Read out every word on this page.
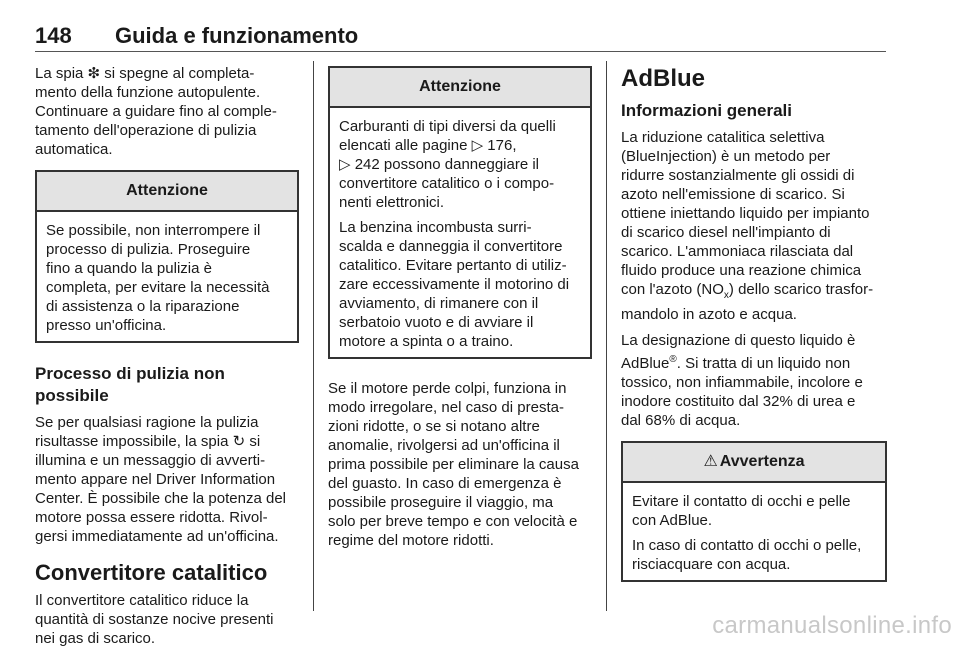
148 Guida e funzionamento

La spia ❇ si spegne al completa-
mento della funzione autopulente.
Continuare a guidare fino al comple-
tamento dell'operazione di pulizia
automatica.

Attenzione

Se possibile, non interrompere il
processo di pulizia. Proseguire
fino a quando la pulizia è
completa, per evitare la necessità
di assistenza o la riparazione
presso un'officina.

Processo di pulizia non possibile

Se per qualsiasi ragione la pulizia
risultasse impossibile, la spia ↻ si
illumina e un messaggio di avverti-
mento appare nel Driver Information
Center. È possibile che la potenza del
motore possa essere ridotta. Rivol-
gersi immediatamente ad un'officina.

Convertitore catalitico

Il convertitore catalitico riduce la
quantità di sostanze nocive presenti
nei gas di scarico.

Attenzione

Carburanti di tipi diversi da quelli
elencati alle pagine ▷ 176,
▷ 242 possono danneggiare il
convertitore catalitico o i compo-
nenti elettronici.

La benzina incombusta surri-
scalda e danneggia il convertitore
catalitico. Evitare pertanto di utiliz-
zare eccessivamente il motorino di
avviamento, di rimanere con il
serbatoio vuoto e di avviare il
motore a spinta o a traino.

Se il motore perde colpi, funziona in
modo irregolare, nel caso di presta-
zioni ridotte, o se si notano altre
anomalie, rivolgersi ad un'officina il
prima possibile per eliminare la causa
del guasto. In caso di emergenza è
possibile proseguire il viaggio, ma
solo per breve tempo e con velocità e
regime del motore ridotti.

AdBlue
Informazioni generali

La riduzione catalitica selettiva
(BlueInjection) è un metodo per
ridurre sostanzialmente gli ossidi di
azoto nell'emissione di scarico. Si
ottiene iniettando liquido per impianto
di scarico diesel nell'impianto di
scarico. L'ammoniaca rilasciata dal
fluido produce una reazione chimica
con l'azoto $(NO_x)$ dello scarico trasfor-
mandolo in azoto e acqua.

La designazione di questo liquido è
AdBlue®. Si tratta di un liquido non
tossico, non infiammabile, incolore e
inodore costituito dal 32% di urea e
dal 68% di acqua.

⚠ Avvertenza

Evitare il contatto di occhi e pelle
con AdBlue.

In caso di contatto di occhi o pelle,
risciacquare con acqua.

carmanualsonline.info
